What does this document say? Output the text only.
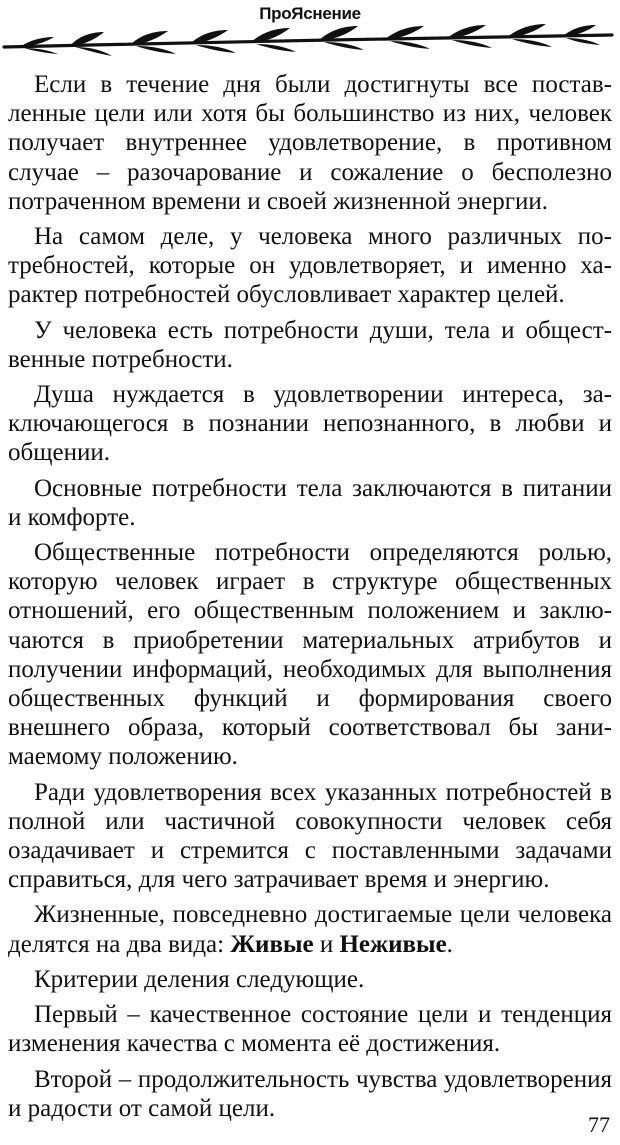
ПроЯснение

Если в течение дня были достигнуты все поставленные цели или хотя бы большинство из них, человек получает внутреннее удовлетворение, в противном случае – разочарование и сожаление о бесполезно потраченном времени и своей жизненной энергии.

На самом деле, у человека много различных потребностей, которые он удовлетворяет, и именно характер потребностей обусловливает характер целей.

У человека есть потребности души, тела и общественные потребности.

Душа нуждается в удовлетворении интереса, заключающегося в познании непознанного, в любви и общении.

Основные потребности тела заключаются в питании и комфорте.

Общественные потребности определяются ролью, которую человек играет в структуре общественных отношений, его общественным положением и заключаются в приобретении материальных атрибутов и получении информаций, необходимых для выполнения общественных функций и формирования своего внешнего образа, который соответствовал бы занимаемому положению.

Ради удовлетворения всех указанных потребностей в полной или частичной совокупности человек себя озадачивает и стремится с поставленными задачами справиться, для чего затрачивает время и энергию.

Жизненные, повседневно достигаемые цели человека делятся на два вида: Живые и Неживые.

Критерии деления следующие.

Первый – качественное состояние цели и тенденция изменения качества с момента её достижения.

Второй – продолжительность чувства удовлетворения и радости от самой цели.

77
